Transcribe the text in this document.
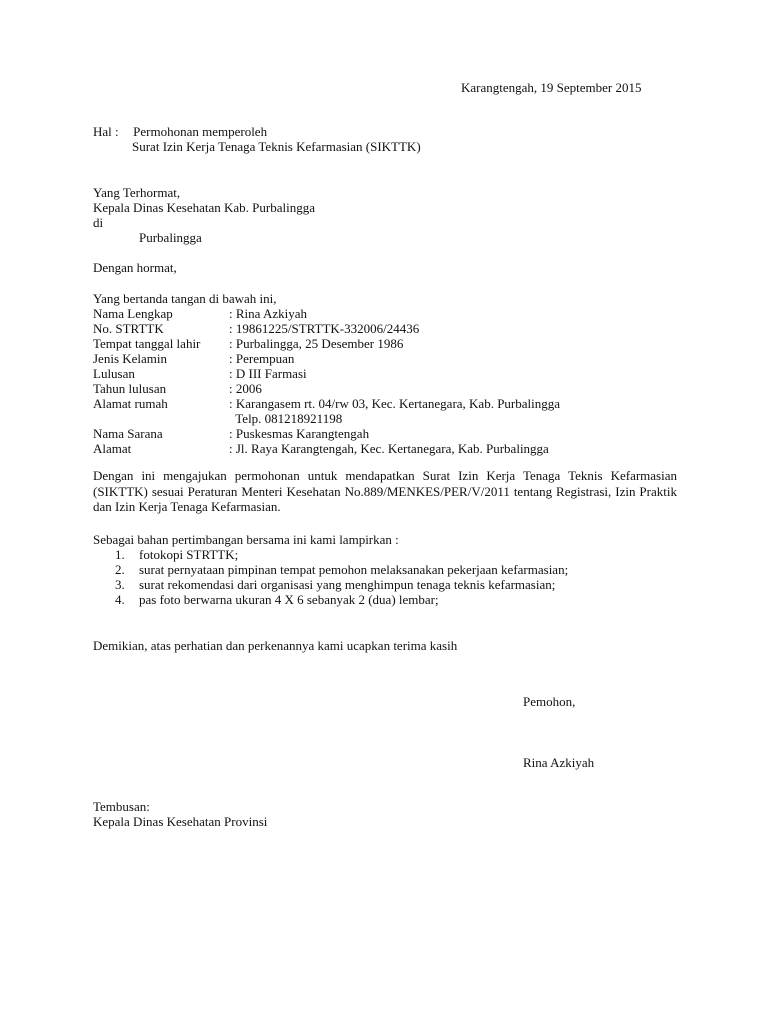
Karangtengah, 19 September 2015
Hal : Permohonan memperoleh
Surat Izin Kerja Tenaga Teknis Kefarmasian (SIKTTK)
Yang Terhormat,
Kepala Dinas Kesehatan Kab. Purbalingga
di
Purbalingga
Dengan hormat,
Yang bertanda tangan di bawah ini,
Nama Lengkap	: Rina Azkiyah
No. STRTTK	: 19861225/STRTTK-332006/24436
Tempat tanggal lahir : Purbalingga, 25 Desember 1986
Jenis Kelamin	: Perempuan
Lulusan	: D III Farmasi
Tahun lulusan	: 2006
Alamat rumah	: Karangasem rt. 04/rw 03, Kec. Kertanegara, Kab. Purbalingga
Telp. 081218921198
Nama Sarana	: Puskesmas Karangtengah
Alamat	: Jl. Raya Karangtengah, Kec. Kertanegara, Kab. Purbalingga
Dengan ini mengajukan permohonan untuk mendapatkan Surat Izin Kerja Tenaga Teknis Kefarmasian (SIKTTK) sesuai Peraturan Menteri Kesehatan No.889/MENKES/PER/V/2011 tentang Registrasi, Izin Praktik dan Izin Kerja Tenaga Kefarmasian.
Sebagai bahan pertimbangan bersama ini kami lampirkan :
1. fotokopi STRTTK;
2. surat pernyataan pimpinan tempat pemohon melaksanakan pekerjaan kefarmasian;
3. surat rekomendasi dari organisasi yang menghimpun tenaga teknis kefarmasian;
4. pas foto berwarna ukuran 4 X 6 sebanyak 2 (dua) lembar;
Demikian, atas perhatian dan perkenannya kami ucapkan terima kasih
Pemohon,
Rina Azkiyah
Tembusan:
Kepala Dinas Kesehatan Provinsi
